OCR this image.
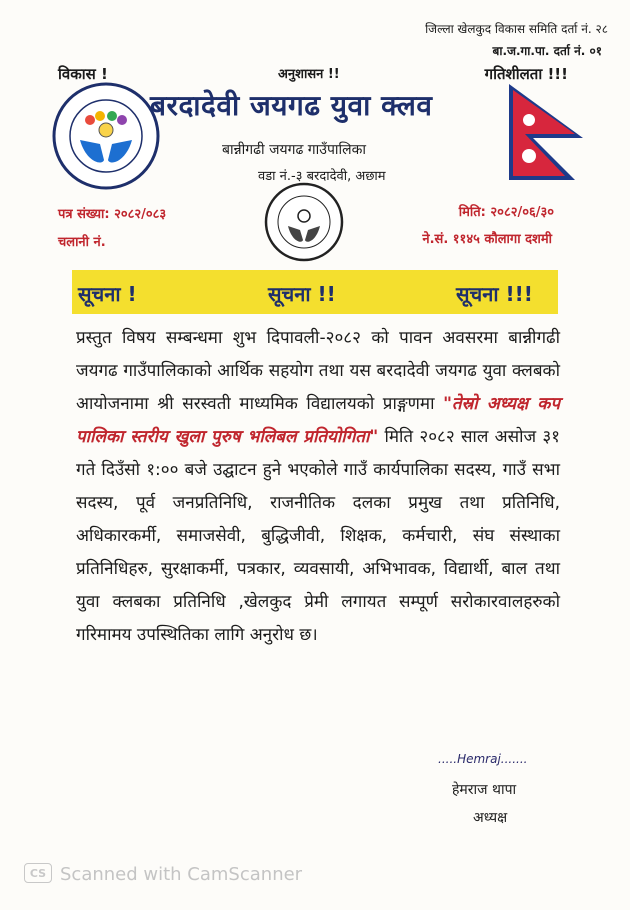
जिल्ला खेलकुद विकास समिति दर्ता नं. २८
बा.ज.गा.पा. दर्ता नं. ०१
विकास !	अनुशासन !!	गतिशीलता !!!
बरदादेवी जयगढ युवा क्लव
बान्नीगढी जयगढ गाउँपालिका
वडा नं.-३ बरदादेवी, अछाम
पत्र संख्या: २०८२/०८३
चलानी नं.
मिति: २०८२/०६/३०
ने.सं. ११४५ कौलागा दशमी
सूचना !	सूचना !!	सूचना !!!
प्रस्तुत विषय सम्बन्धमा शुभ दिपावली-२०८२ को पावन अवसरमा बान्नीगढी जयगढ गाउँपालिकाको आर्थिक सहयोग तथा यस बरदादेवी जयगढ युवा क्लबको आयोजनामा श्री सरस्वती माध्यमिक विद्यालयको प्राङ्गणमा "तेस्रो अध्यक्ष कप पालिका स्तरीय खुला पुरुष भलिबल प्रतियोगिता" मिति २०८२ साल असोज ३१ गते दिउँसो १:०० बजे उद्घाटन हुने भएकोले गाउँ कार्यपालिका सदस्य, गाउँ सभा सदस्य, पूर्व जनप्रतिनिधि, राजनीतिक दलका प्रमुख तथा प्रतिनिधि, अधिकारकर्मी, समाजसेवी, बुद्धिजीवी, शिक्षक, कर्मचारी, संघ संस्थाका प्रतिनिधिहरु, सुरक्षाकर्मी, पत्रकार, व्यवसायी, अभिभावक, विद्यार्थी, बाल तथा युवा क्लबका प्रतिनिधि ,खेलकुद प्रेमी लगायत सम्पूर्ण सरोकारवालहरुको गरिमामय उपस्थितिका लागि अनुरोध छ।
.....Hemraj.......
हेमराज थापा
अध्यक्ष
CS Scanned with CamScanner
